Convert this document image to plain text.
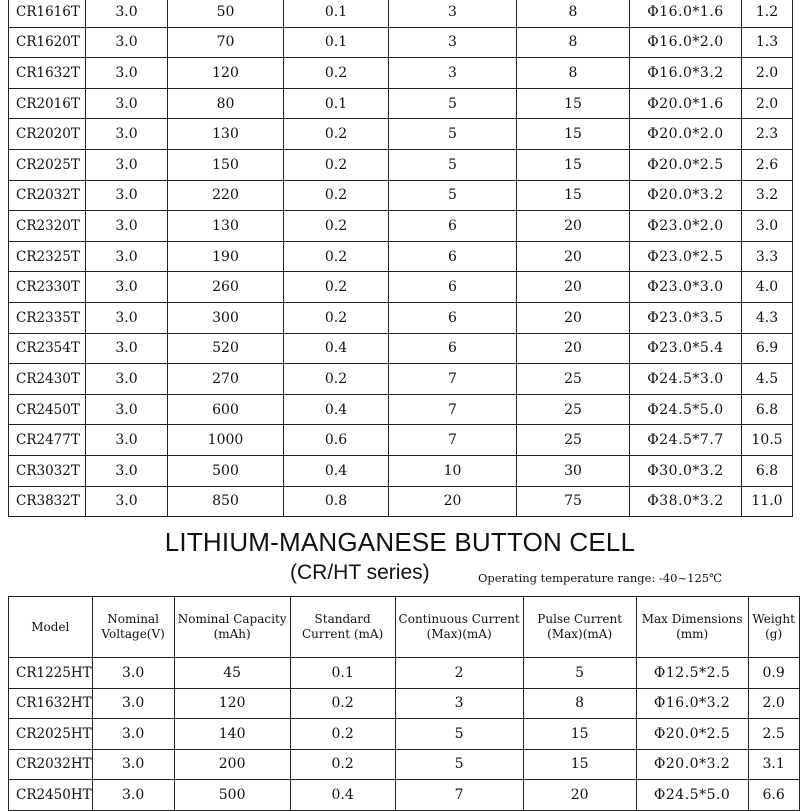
CR1616T	3.0	50	0.1	3	8	Φ16.0*1.6	1.2
CR1620T	3.0	70	0.1	3	8	Φ16.0*2.0	1.3
CR1632T	3.0	120	0.2	3	8	Φ16.0*3.2	2.0
CR2016T	3.0	80	0.1	5	15	Φ20.0*1.6	2.0
CR2020T	3.0	130	0.2	5	15	Φ20.0*2.0	2.3
CR2025T	3.0	150	0.2	5	15	Φ20.0*2.5	2.6
CR2032T	3.0	220	0.2	5	15	Φ20.0*3.2	3.2
CR2320T	3.0	130	0.2	6	20	Φ23.0*2.0	3.0
CR2325T	3.0	190	0.2	6	20	Φ23.0*2.5	3.3
CR2330T	3.0	260	0.2	6	20	Φ23.0*3.0	4.0
CR2335T	3.0	300	0.2	6	20	Φ23.0*3.5	4.3
CR2354T	3.0	520	0.4	6	20	Φ23.0*5.4	6.9
CR2430T	3.0	270	0.2	7	25	Φ24.5*3.0	4.5
CR2450T	3.0	600	0.4	7	25	Φ24.5*5.0	6.8
CR2477T	3.0	1000	0.6	7	25	Φ24.5*7.7	10.5
CR3032T	3.0	500	0.4	10	30	Φ30.0*3.2	6.8
CR3832T	3.0	850	0.8	20	75	Φ38.0*3.2	11.0
LITHIUM-MANGANESE BUTTON CELL
(CR/HT series)	Operating temperature range: -40~125℃
Model	Nominal Voltage(V)	Nominal Capacity (mAh)	Standard Current (mA)	Continuous Current (Max)(mA)	Pulse Current (Max)(mA)	Max Dimensions (mm)	Weight (g)
CR1225HT	3.0	45	0.1	2	5	Φ12.5*2.5	0.9
CR1632HT	3.0	120	0.2	3	8	Φ16.0*3.2	2.0
CR2025HT	3.0	140	0.2	5	15	Φ20.0*2.5	2.5
CR2032HT	3.0	200	0.2	5	15	Φ20.0*3.2	3.1
CR2450HT	3.0	500	0.4	7	20	Φ24.5*5.0	6.6
